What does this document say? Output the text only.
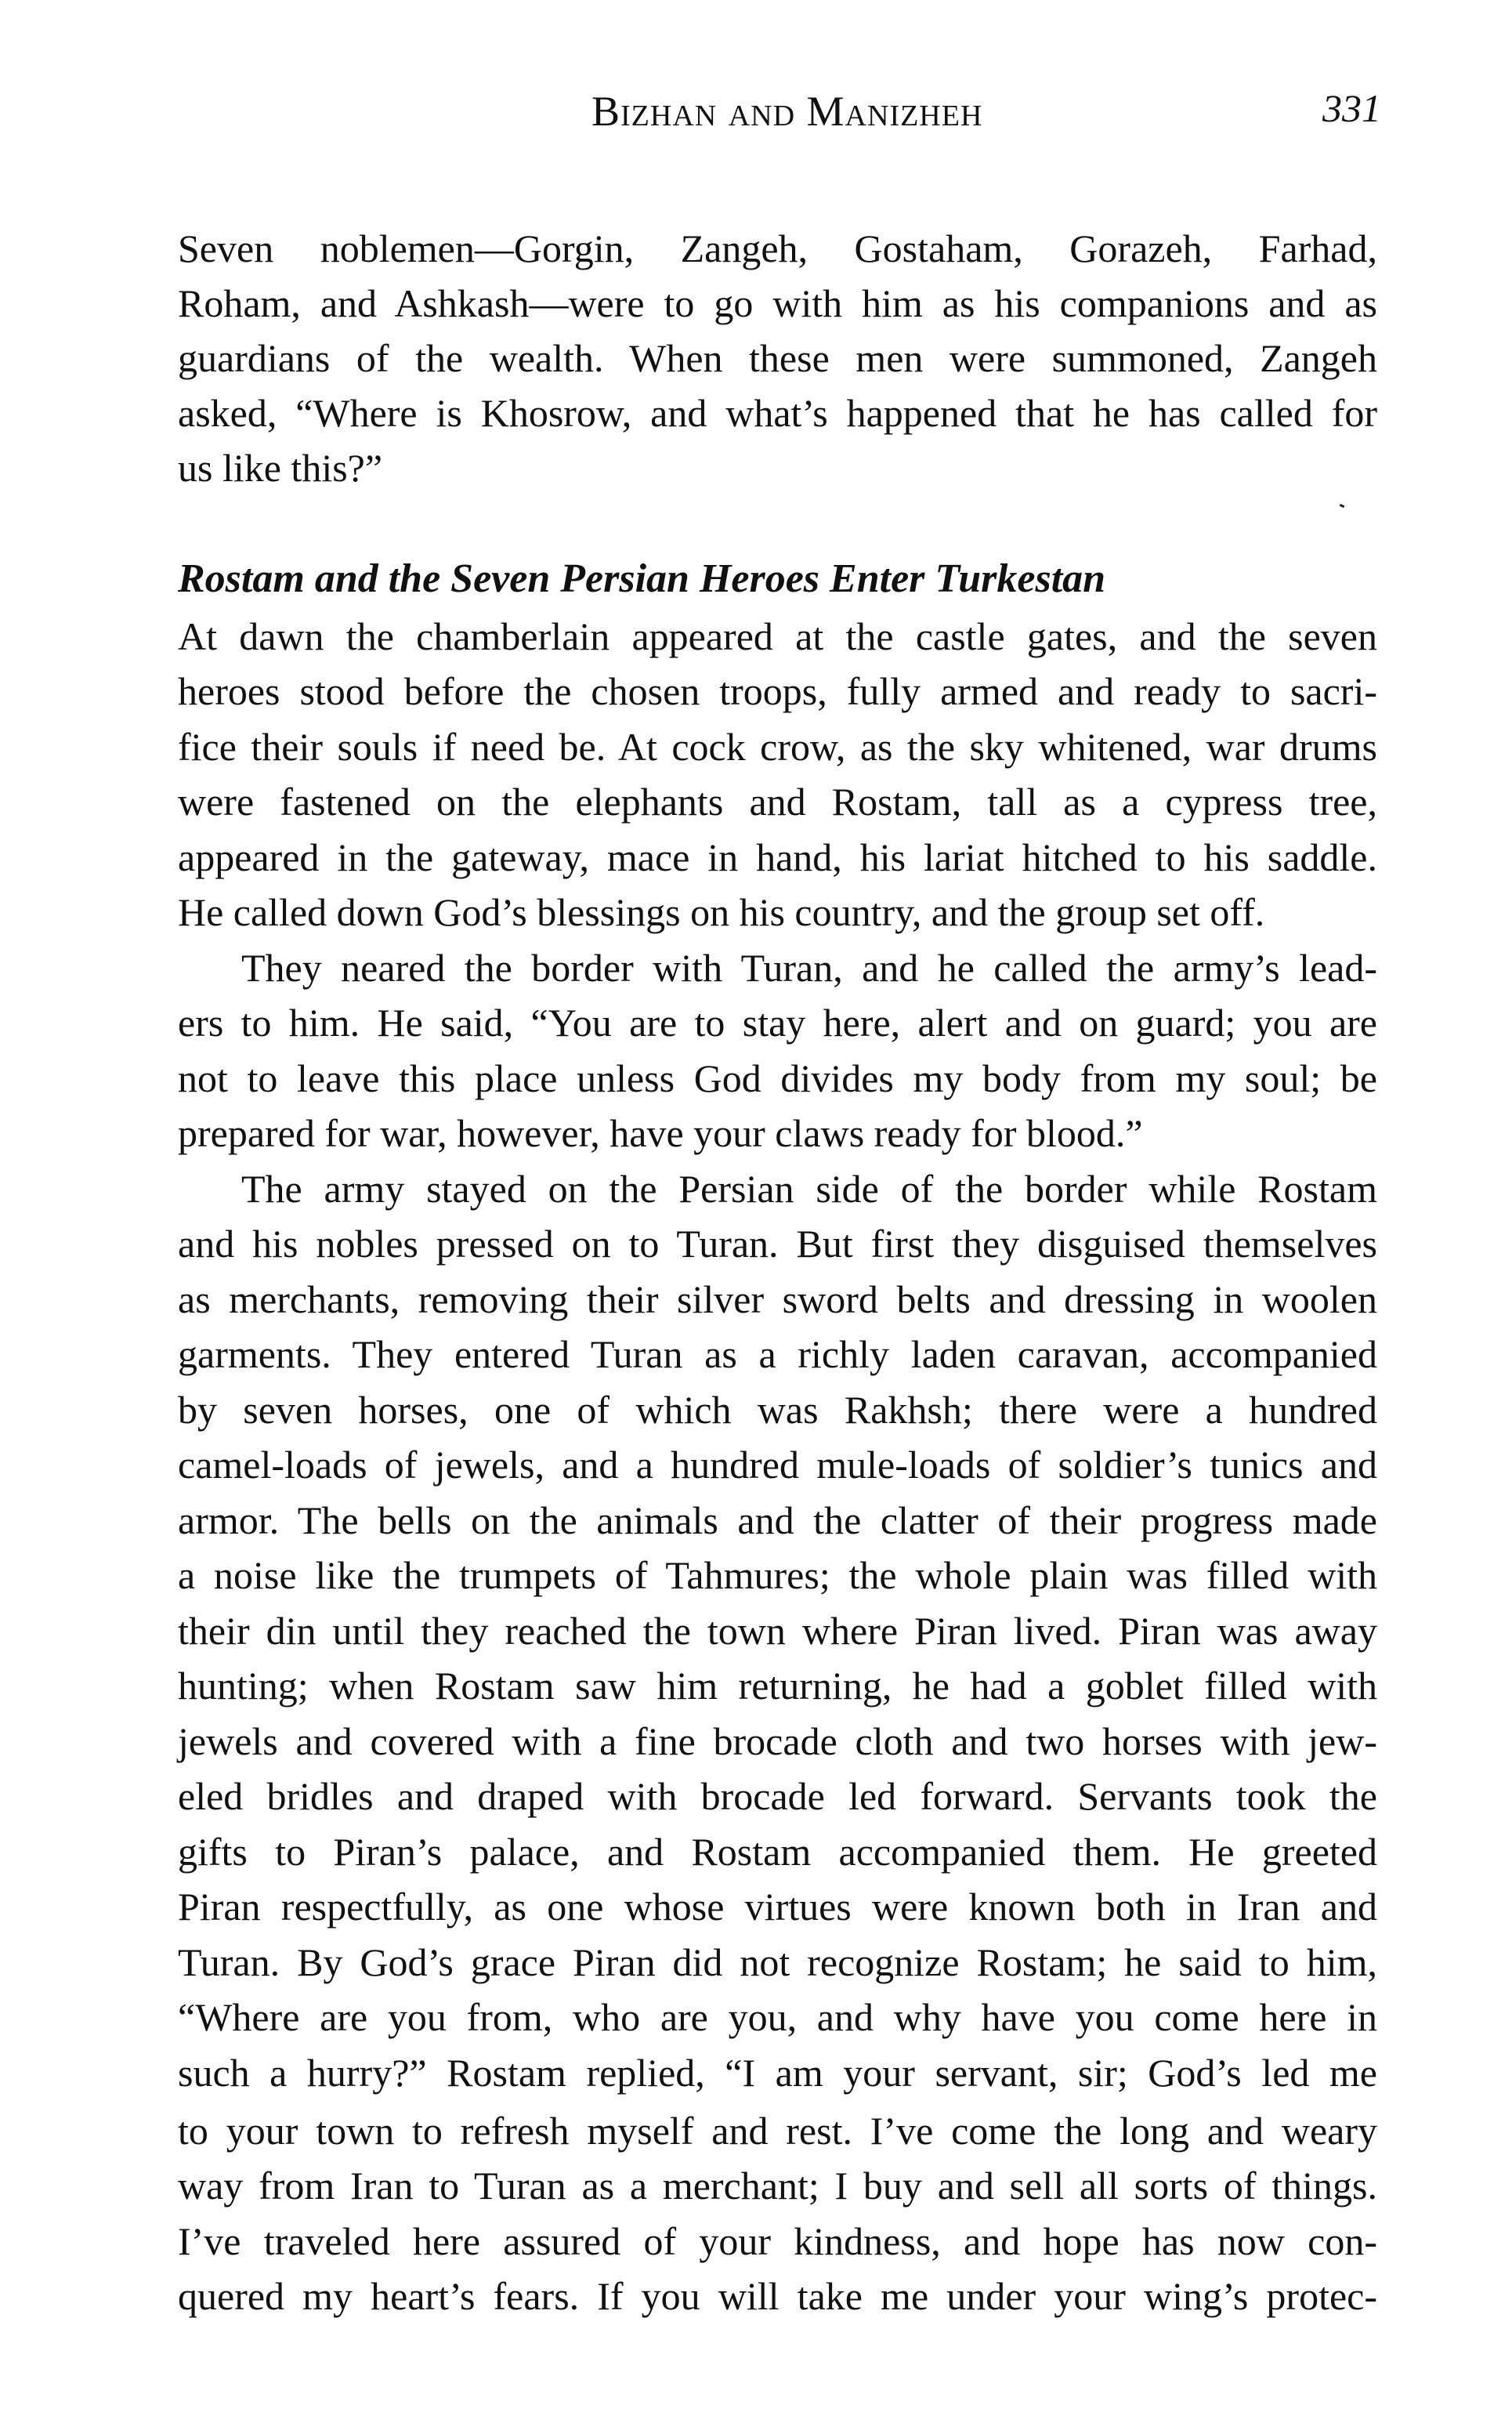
Bizhan and Manizheh	331
Seven noblemen—Gorgin, Zangeh, Gostaham, Gorazeh, Farhad,
Roham, and Ashkash—were to go with him as his companions and as
guardians of the wealth. When these men were summoned, Zangeh
asked, “Where is Khosrow, and what’s happened that he has called for
us like this?”
Rostam and the Seven Persian Heroes Enter Turkestan
At dawn the chamberlain appeared at the castle gates, and the seven
heroes stood before the chosen troops, fully armed and ready to sacri-
fice their souls if need be. At cock crow, as the sky whitened, war drums
were fastened on the elephants and Rostam, tall as a cypress tree,
appeared in the gateway, mace in hand, his lariat hitched to his saddle.
He called down God’s blessings on his country, and the group set off.
They neared the border with Turan, and he called the army’s lead-
ers to him. He said, “You are to stay here, alert and on guard; you are
not to leave this place unless God divides my body from my soul; be
prepared for war, however, have your claws ready for blood.”
The army stayed on the Persian side of the border while Rostam
and his nobles pressed on to Turan. But first they disguised themselves
as merchants, removing their silver sword belts and dressing in woolen
garments. They entered Turan as a richly laden caravan, accompanied
by seven horses, one of which was Rakhsh; there were a hundred
camel-loads of jewels, and a hundred mule-loads of soldier’s tunics and
armor. The bells on the animals and the clatter of their progress made
a noise like the trumpets of Tahmures; the whole plain was filled with
their din until they reached the town where Piran lived. Piran was away
hunting; when Rostam saw him returning, he had a goblet filled with
jewels and covered with a fine brocade cloth and two horses with jew-
eled bridles and draped with brocade led forward. Servants took the
gifts to Piran’s palace, and Rostam accompanied them. He greeted
Piran respectfully, as one whose virtues were known both in Iran and
Turan. By God’s grace Piran did not recognize Rostam; he said to him,
“Where are you from, who are you, and why have you come here in
such a hurry?” Rostam replied, “I am your servant, sir; God’s led me
to your town to refresh myself and rest. I’ve come the long and weary
way from Iran to Turan as a merchant; I buy and sell all sorts of things.
I’ve traveled here assured of your kindness, and hope has now con-
quered my heart’s fears. If you will take me under your wing’s protec-
